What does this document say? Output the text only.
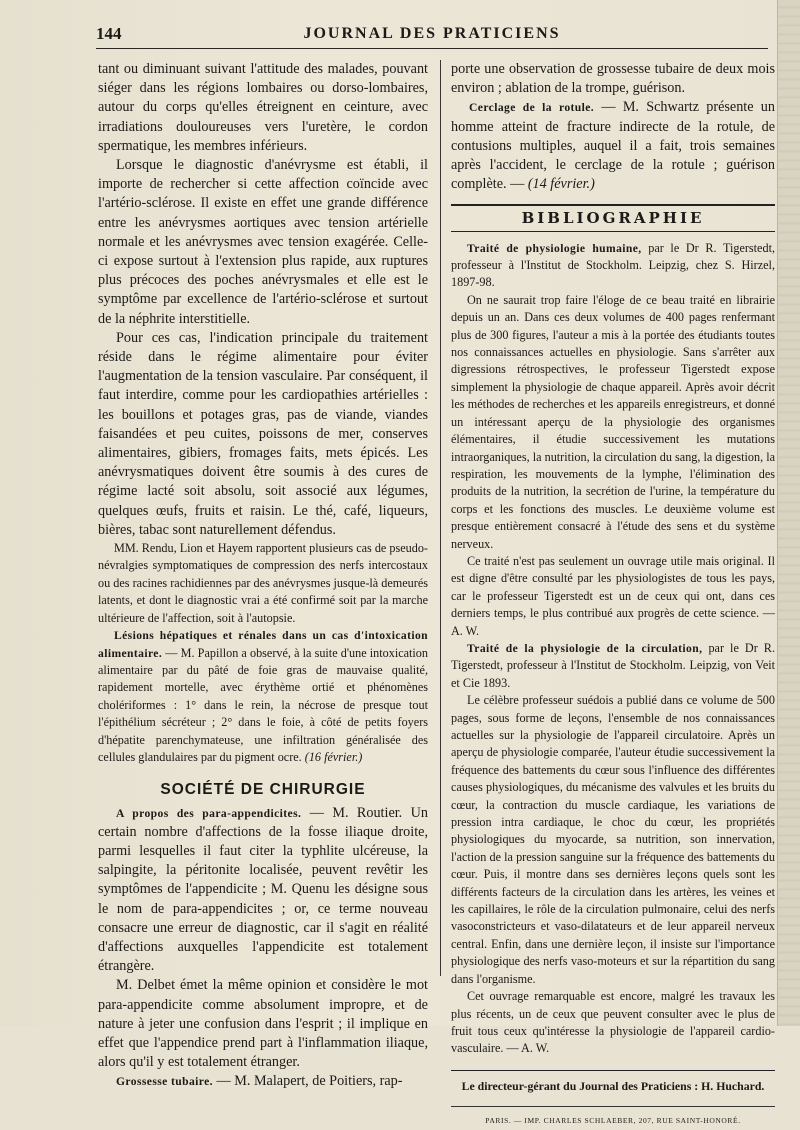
144	JOURNAL DES PRATICIENS

tant ou diminuant suivant l'attitude des malades, pouvant siéger dans les régions lombaires ou dorso-lombaires, autour du corps qu'elles étreignent en ceinture, avec irradiations douloureuses vers l'uretère, le cordon spermatique, les membres inférieurs.

Lorsque le diagnostic d'anévrysme est établi, il importe de rechercher si cette affection coïncide avec l'artério-sclérose. Il existe en effet une grande différence entre les anévrysmes aortiques avec tension artérielle normale et les anévrysmes avec tension exagérée. Celle-ci expose surtout à l'extension plus rapide, aux ruptures plus précoces des poches anévrysmales et elle est le symptôme par excellence de l'artério-sclérose et surtout de la néphrite interstitielle.

Pour ces cas, l'indication principale du traitement réside dans le régime alimentaire pour éviter l'augmentation de la tension vasculaire. Par conséquent, il faut interdire, comme pour les cardiopathies artérielles : les bouillons et potages gras, pas de viande, viandes faisandées et peu cuites, poissons de mer, conserves alimentaires, gibiers, fromages faits, mets épicés. Les anévrysmatiques doivent être soumis à des cures de régime lacté soit absolu, soit associé aux légumes, quelques œufs, fruits et raisin. Le thé, café, liqueurs, bières, tabac sont naturellement défendus.

MM. Rendu, Lion et Hayem rapportent plusieurs cas de pseudo-névralgies symptomatiques de compression des nerfs intercostaux ou des racines rachidiennes par des anévrysmes jusque-là demeurés latents, et dont le diagnostic vrai a été confirmé soit par la marche ultérieure de l'affection, soit à l'autopsie.

Lésions hépatiques et rénales dans un cas d'intoxication alimentaire. — M. Papillon a observé, à la suite d'une intoxication alimentaire par du pâté de foie gras de mauvaise qualité, rapidement mortelle, avec érythème ortié et phénomènes cholériformes : 1° dans le rein, la nécrose de presque tout l'épithélium sécréteur ; 2° dans le foie, à côté de petits foyers d'hépatite parenchymateuse, une infiltration généralisée des cellules glandulaires par du pigment ocre. (16 février.)

SOCIÉTÉ DE CHIRURGIE

A propos des para-appendicites. — M. Routier. Un certain nombre d'affections de la fosse iliaque droite, parmi lesquelles il faut citer la typhlite ulcéreuse, la salpingite, la péritonite localisée, peuvent revêtir les symptômes de l'appendicite ; M. Quenu les désigne sous le nom de para-appendicites ; or, ce terme nouveau consacre une erreur de diagnostic, car il s'agit en réalité d'affections auxquelles l'appendicite est totalement étrangère.

M. Delbet émet la même opinion et considère le mot para-appendicite comme absolument impropre, et de nature à jeter une confusion dans l'esprit ; il implique en effet que l'appendice prend part à l'inflammation iliaque, alors qu'il y est totalement étranger.

Grossesse tubaire. — M. Malapert, de Poitiers, rap-

porte une observation de grossesse tubaire de deux mois environ ; ablation de la trompe, guérison.

Cerclage de la rotule. — M. Schwartz présente un homme atteint de fracture indirecte de la rotule, de contusions multiples, auquel il a fait, trois semaines après l'accident, le cerclage de la rotule ; guérison complète. — (14 février.)

BIBLIOGRAPHIE

Traité de physiologie humaine, par le Dr R. Tigerstedt, professeur à l'Institut de Stockholm. Leipzig, chez S. Hirzel, 1897-98.

On ne saurait trop faire l'éloge de ce beau traité en librairie depuis un an. Dans ces deux volumes de 400 pages renfermant plus de 300 figures, l'auteur a mis à la portée des étudiants toutes nos connaissances actuelles en physiologie. Sans s'arrêter aux digressions rétrospectives, le professeur Tigerstedt expose simplement la physiologie de chaque appareil. Après avoir décrit les méthodes de recherches et les appareils enregistreurs, et donné un intéressant aperçu de la physiologie des organismes élémentaires, il étudie successivement les mutations intraorganiques, la nutrition, la circulation du sang, la digestion, la respiration, les mouvements de la lymphe, l'élimination des produits de la nutrition, la secrétion de l'urine, la température du corps et les fonctions des muscles. Le deuxième volume est presque entièrement consacré à l'étude des sens et du système nerveux.

Ce traité n'est pas seulement un ouvrage utile mais original. Il est digne d'être consulté par les physiologistes de tous les pays, car le professeur Tigerstedt est un de ceux qui ont, dans ces derniers temps, le plus contribué aux progrès de cette science. — A. W.

Traité de la physiologie de la circulation, par le Dr R. Tigerstedt, professeur à l'Institut de Stockholm. Leipzig, von Veit et Cie 1893.

Le célèbre professeur suédois a publié dans ce volume de 500 pages, sous forme de leçons, l'ensemble de nos connaissances actuelles sur la physiologie de l'appareil circulatoire. Après un aperçu de physiologie comparée, l'auteur étudie successivement la fréquence des battements du cœur sous l'influence des différentes causes physiologiques, du mécanisme des valvules et les bruits du cœur, la contraction du muscle cardiaque, les variations de pression intra cardiaque, le choc du cœur, les propriétés physiologiques du myocarde, sa nutrition, son innervation, l'action de la pression sanguine sur la fréquence des battements du cœur. Puis, il montre dans ses dernières leçons quels sont les différents facteurs de la circulation dans les artères, les veines et les capillaires, le rôle de la circulation pulmonaire, celui des nerfs vasoconstricteurs et vaso-dilatateurs et de leur appareil nerveux central. Enfin, dans une dernière leçon, il insiste sur l'importance physiologique des nerfs vaso-moteurs et sur la répartition du sang dans l'organisme.

Cet ouvrage remarquable est encore, malgré les travaux les plus récents, un de ceux que peuvent consulter avec le plus de fruit tous ceux qu'intéresse la physiologie de l'appareil cardio-vasculaire. — A. W.

Le directeur-gérant du Journal des Praticiens : H. Huchard.
PARIS. — IMP. CHARLES SCHLAEBER, 207, RUE SAINT-HONORÉ.
